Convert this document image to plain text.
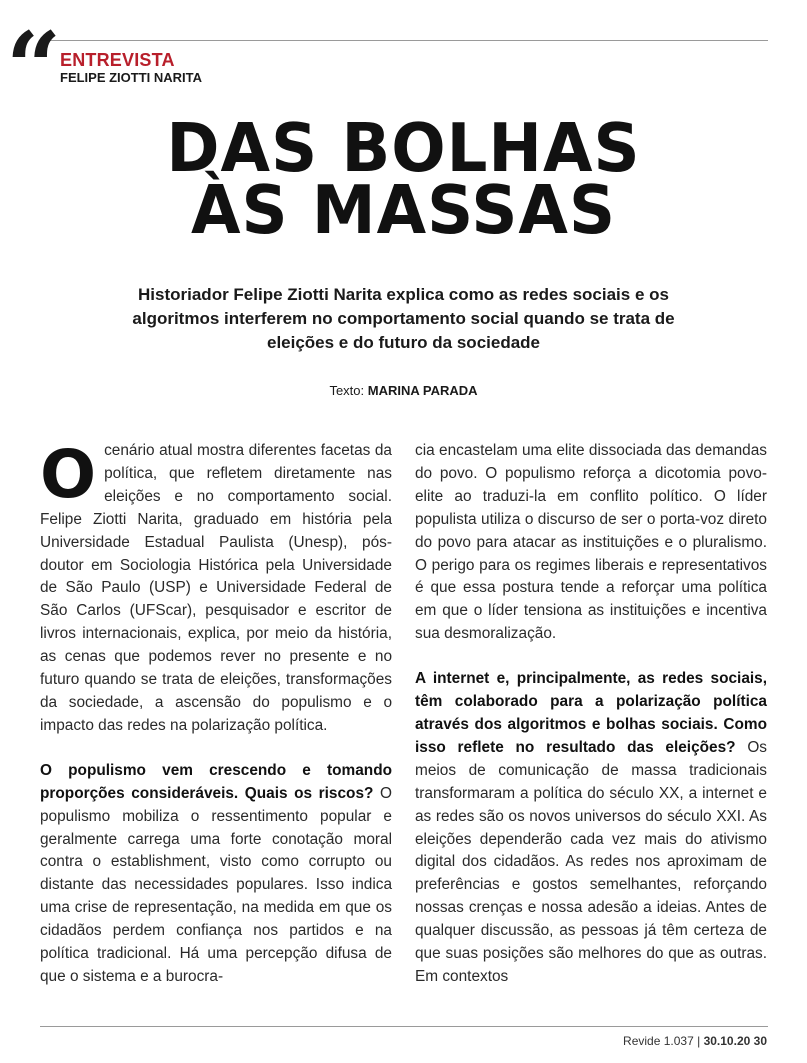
“ ENTREVISTA
FELIPE ZIOTTI NARITA
DAS BOLHAS
ÀS MASSAS
Historiador Felipe Ziotti Narita explica como as redes sociais e os algoritmos interferem no comportamento social quando se trata de eleições e do futuro da sociedade
Texto: MARINA PARADA

O cenário atual mostra diferentes facetas da política, que refletem diretamente nas eleições e no comportamento social. Felipe Ziotti Narita, graduado em história pela Universidade Estadual Paulista (Unesp), pós-doutor em Sociologia Histórica pela Universidade de São Paulo (USP) e Universidade Federal de São Carlos (UFScar), pesquisador e escritor de livros internacionais, explica, por meio da história, as cenas que podemos rever no presente e no futuro quando se trata de eleições, transformações da sociedade, a ascensão do populismo e o impacto das redes na polarização política.

O populismo vem crescendo e tomando proporções consideráveis. Quais os riscos? O populismo mobiliza o ressentimento popular e geralmente carrega uma forte conotação moral contra o establishment, visto como corrupto ou distante das necessidades populares. Isso indica uma crise de representação, na medida em que os cidadãos perdem confiança nos partidos e na política tradicional. Há uma percepção difusa de que o sistema e a burocra-

cia encastelam uma elite dissociada das demandas do povo. O populismo reforça a dicotomia povo-elite ao traduzi-la em conflito político. O líder populista utiliza o discurso de ser o porta-voz direto do povo para atacar as instituições e o pluralismo. O perigo para os regimes liberais e representativos é que essa postura tende a reforçar uma política em que o líder tensiona as instituições e incentiva sua desmoralização.

A internet e, principalmente, as redes sociais, têm colaborado para a polarização política através dos algoritmos e bolhas sociais. Como isso reflete no resultado das eleições? Os meios de comunicação de massa tradicionais transformaram a política do século XX, a internet e as redes são os novos universos do século XXI. As eleições dependerão cada vez mais do ativismo digital dos cidadãos. As redes nos aproximam de preferências e gostos semelhantes, reforçando nossas crenças e nossa adesão a ideias. Antes de qualquer discussão, as pessoas já têm certeza de que suas posições são melhores do que as outras. Em contextos

Revide 1.037 | 30.10.20 30
